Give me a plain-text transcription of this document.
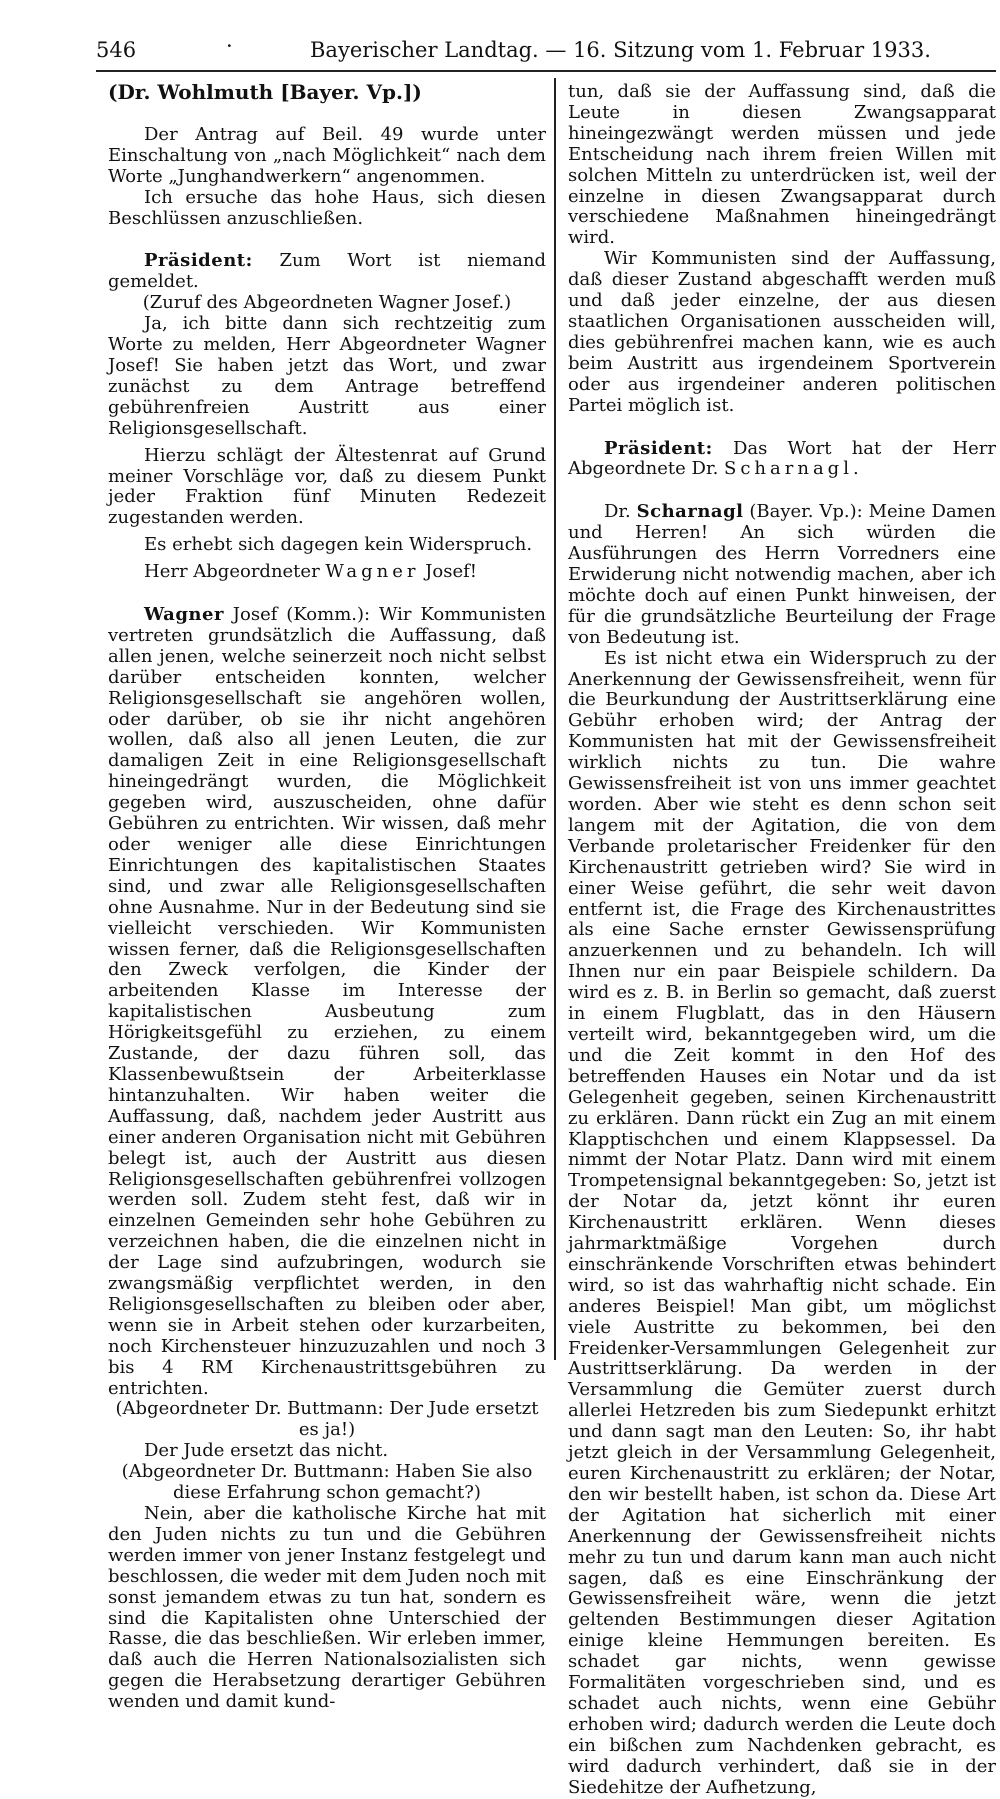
546	·	Bayerischer Landtag. — 16. Sitzung vom 1. Februar 1933.

(Dr. Wohlmuth [Bayer. Vp.])

Der Antrag auf Beil. 49 wurde unter Einschaltung von „nach Möglichkeit“ nach dem Worte „Junghandwerkern“ angenommen.

Ich ersuche das hohe Haus, sich diesen Beschlüssen anzuschließen.

Präsident: Zum Wort ist niemand gemeldet.

(Zuruf des Abgeordneten Wagner Josef.)

Ja, ich bitte dann sich rechtzeitig zum Worte zu melden, Herr Abgeordneter Wagner Josef! Sie haben jetzt das Wort, und zwar zunächst zu dem Antrage betreffend gebührenfreien Austritt aus einer Religionsgesellschaft.

Hierzu schlägt der Ältestenrat auf Grund meiner Vorschläge vor, daß zu diesem Punkt jeder Fraktion fünf Minuten Redezeit zugestanden werden.

Es erhebt sich dagegen kein Widerspruch.

Herr Abgeordneter Wagner Josef!

Wagner Josef (Komm.): Wir Kommunisten vertreten grundsätzlich die Auffassung, daß allen jenen, welche seinerzeit noch nicht selbst darüber entscheiden konnten, welcher Religionsgesellschaft sie angehören wollen, oder darüber, ob sie ihr nicht angehören wollen, daß also all jenen Leuten, die zur damaligen Zeit in eine Religionsgesellschaft hineingedrängt wurden, die Möglichkeit gegeben wird, auszuscheiden, ohne dafür Gebühren zu entrichten. Wir wissen, daß mehr oder weniger alle diese Einrichtungen Einrichtungen des kapitalistischen Staates sind, und zwar alle Religionsgesellschaften ohne Ausnahme. Nur in der Bedeutung sind sie vielleicht verschieden. Wir Kommunisten wissen ferner, daß die Religionsgesellschaften den Zweck verfolgen, die Kinder der arbeitenden Klasse im Interesse der kapitalistischen Ausbeutung zum Hörigkeitsgefühl zu erziehen, zu einem Zustande, der dazu führen soll, das Klassenbewußtsein der Arbeiterklasse hintanzuhalten. Wir haben weiter die Auffassung, daß, nachdem jeder Austritt aus einer anderen Organisation nicht mit Gebühren belegt ist, auch der Austritt aus diesen Religionsgesellschaften gebührenfrei vollzogen werden soll. Zudem steht fest, daß wir in einzelnen Gemeinden sehr hohe Gebühren zu verzeichnen haben, die die einzelnen nicht in der Lage sind aufzubringen, wodurch sie zwangsmäßig verpflichtet werden, in den Religionsgesellschaften zu bleiben oder aber, wenn sie in Arbeit stehen oder kurzarbeiten, noch Kirchensteuer hinzuzuzahlen und noch 3 bis 4 RM Kirchenaustrittsgebühren zu entrichten.

(Abgeordneter Dr. Buttmann: Der Jude ersetzt es ja!)

Der Jude ersetzt das nicht.

(Abgeordneter Dr. Buttmann: Haben Sie also diese Erfahrung schon gemacht?)

Nein, aber die katholische Kirche hat mit den Juden nichts zu tun und die Gebühren werden immer von jener Instanz festgelegt und beschlossen, die weder mit dem Juden noch mit sonst jemandem etwas zu tun hat, sondern es sind die Kapitalisten ohne Unterschied der Rasse, die das beschließen. Wir erleben immer, daß auch die Herren Nationalsozialisten sich gegen die Herabsetzung derartiger Gebühren wenden und damit kund-

tun, daß sie der Auffassung sind, daß die Leute in diesen Zwangsapparat hineingezwängt werden müssen und jede Entscheidung nach ihrem freien Willen mit solchen Mitteln zu unterdrücken ist, weil der einzelne in diesen Zwangsapparat durch verschiedene Maßnahmen hineingedrängt wird.

Wir Kommunisten sind der Auffassung, daß dieser Zustand abgeschafft werden muß und daß jeder einzelne, der aus diesen staatlichen Organisationen ausscheiden will, dies gebührenfrei machen kann, wie es auch beim Austritt aus irgendeinem Sportverein oder aus irgendeiner anderen politischen Partei möglich ist.

Präsident: Das Wort hat der Herr Abgeordnete Dr. Scharnagl.

Dr. Scharnagl (Bayer. Vp.): Meine Damen und Herren! An sich würden die Ausführungen des Herrn Vorredners eine Erwiderung nicht notwendig machen, aber ich möchte doch auf einen Punkt hinweisen, der für die grundsätzliche Beurteilung der Frage von Bedeutung ist.

Es ist nicht etwa ein Widerspruch zu der Anerkennung der Gewissensfreiheit, wenn für die Beurkundung der Austrittserklärung eine Gebühr erhoben wird; der Antrag der Kommunisten hat mit der Gewissensfreiheit wirklich nichts zu tun. Die wahre Gewissensfreiheit ist von uns immer geachtet worden. Aber wie steht es denn schon seit langem mit der Agitation, die von dem Verbande proletarischer Freidenker für den Kirchenaustritt getrieben wird? Sie wird in einer Weise geführt, die sehr weit davon entfernt ist, die Frage des Kirchenaustrittes als eine Sache ernster Gewissensprüfung anzuerkennen und zu behandeln. Ich will Ihnen nur ein paar Beispiele schildern. Da wird es z. B. in Berlin so gemacht, daß zuerst in einem Flugblatt, das in den Häusern verteilt wird, bekanntgegeben wird, um die und die Zeit kommt in den Hof des betreffenden Hauses ein Notar und da ist Gelegenheit gegeben, seinen Kirchenaustritt zu erklären. Dann rückt ein Zug an mit einem Klapptischchen und einem Klappsessel. Da nimmt der Notar Platz. Dann wird mit einem Trompetensignal bekanntgegeben: So, jetzt ist der Notar da, jetzt könnt ihr euren Kirchenaustritt erklären. Wenn dieses jahrmarktmäßige Vorgehen durch einschränkende Vorschriften etwas behindert wird, so ist das wahrhaftig nicht schade. Ein anderes Beispiel! Man gibt, um möglichst viele Austritte zu bekommen, bei den Freidenker-Versammlungen Gelegenheit zur Austrittserklärung. Da werden in der Versammlung die Gemüter zuerst durch allerlei Hetzreden bis zum Siedepunkt erhitzt und dann sagt man den Leuten: So, ihr habt jetzt gleich in der Versammlung Gelegenheit, euren Kirchenaustritt zu erklären; der Notar, den wir bestellt haben, ist schon da. Diese Art der Agitation hat sicherlich mit einer Anerkennung der Gewissensfreiheit nichts mehr zu tun und darum kann man auch nicht sagen, daß es eine Einschränkung der Gewissensfreiheit wäre, wenn die jetzt geltenden Bestimmungen dieser Agitation einige kleine Hemmungen bereiten. Es schadet gar nichts, wenn gewisse Formalitäten vorgeschrieben sind, und es schadet auch nichts, wenn eine Gebühr erhoben wird; dadurch werden die Leute doch ein bißchen zum Nachdenken gebracht, es wird dadurch verhindert, daß sie in der Siedehitze der Aufhetzung,
